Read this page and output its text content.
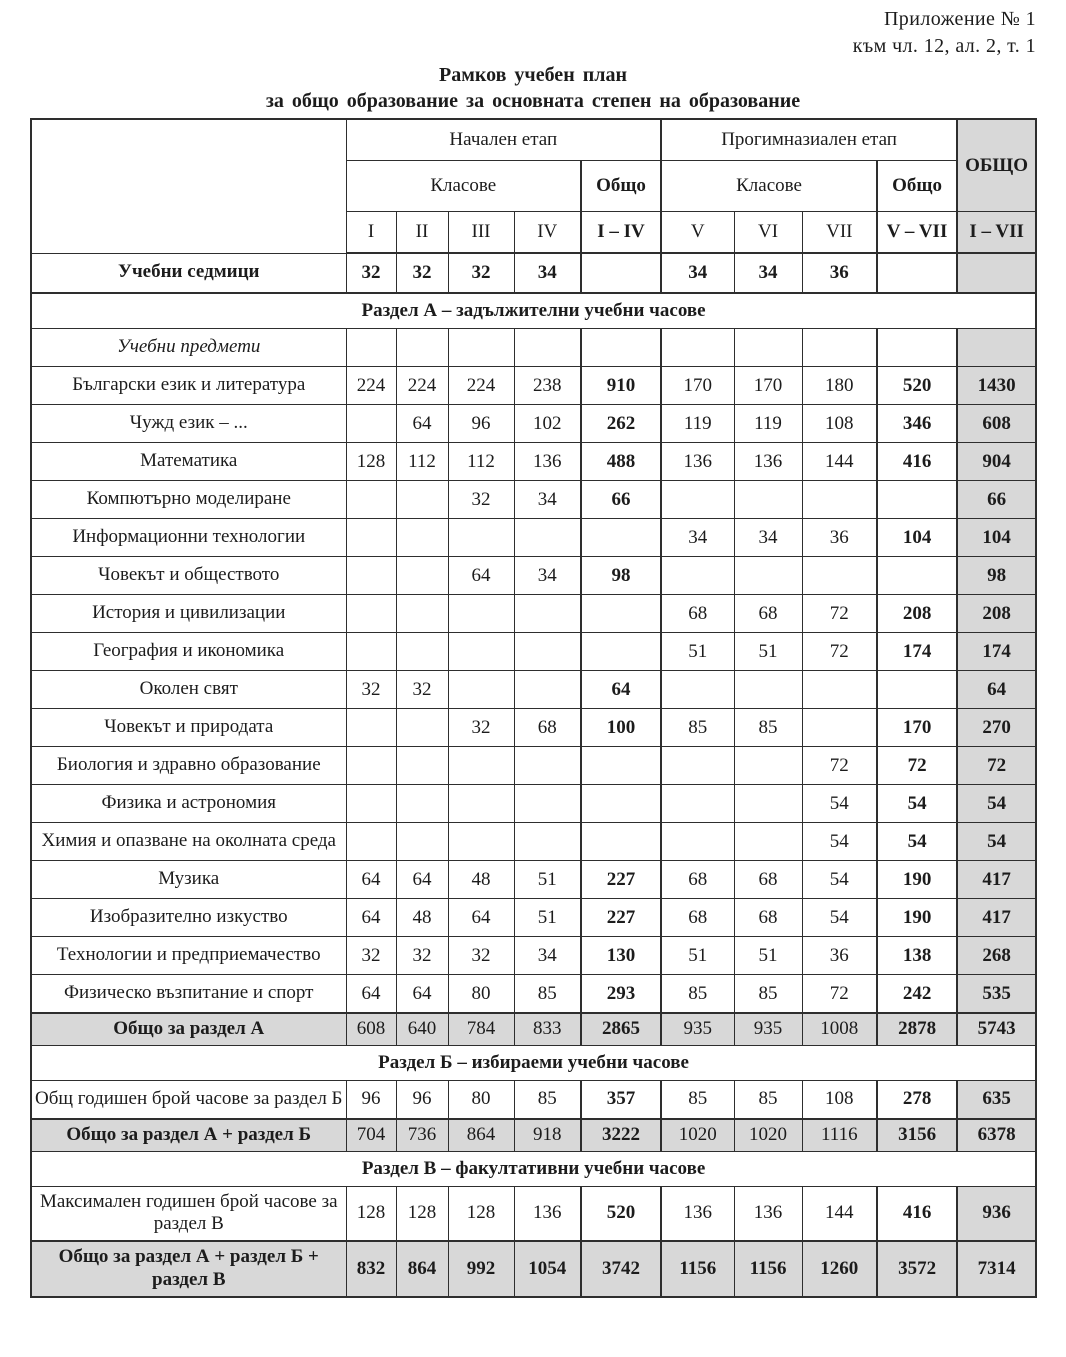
Приложение № 1
към чл. 12, ал. 2, т. 1
Рамков учебен план
за общо образование за основната степен на образование
	Начален етап					Прогимназиален етап				ОБЩО
	Класове				Общо	Класове			Общо	
	I	II	III	IV	I – IV	V	VI	VII	V – VII	I – VII
Учебни седмици	32	32	32	34		34	34	36		
Раздел А – задължителни учебни часове										
Учебни предмети										
Български език и литература	224	224	224	238	910	170	170	180	520	1430
Чужд език – ...		64	96	102	262	119	119	108	346	608
Математика	128	112	112	136	488	136	136	144	416	904
Компютърно моделиране			32	34	66					66
Информационни технологии						34	34	36	104	104
Човекът и обществото			64	34	98					98
История и цивилизации						68	68	72	208	208
География и икономика						51	51	72	174	174
Околен свят	32	32			64					64
Човекът и природата			32	68	100	85	85		170	270
Биология и здравно образование								72	72	72
Физика и астрономия								54	54	54
Химия и опазване на околната среда								54	54	54
Музика	64	64	48	51	227	68	68	54	190	417
Изобразително изкуство	64	48	64	51	227	68	68	54	190	417
Технологии и предприемачество	32	32	32	34	130	51	51	36	138	268
Физическо възпитание и спорт	64	64	80	85	293	85	85	72	242	535
Общо за раздел А	608	640	784	833	2865	935	935	1008	2878	5743
Раздел Б – избираеми учебни часове										
Общ годишен брой часове за раздел Б	96	96	80	85	357	85	85	108	278	635
Общо за раздел А + раздел Б	704	736	864	918	3222	1020	1020	1116	3156	6378
Раздел В – факултативни учебни часове										
Максимален годишен брой часове за раздел В	128	128	128	136	520	136	136	144	416	936
Общо за раздел А + раздел Б + раздел В	832	864	992	1054	3742	1156	1156	1260	3572	7314
